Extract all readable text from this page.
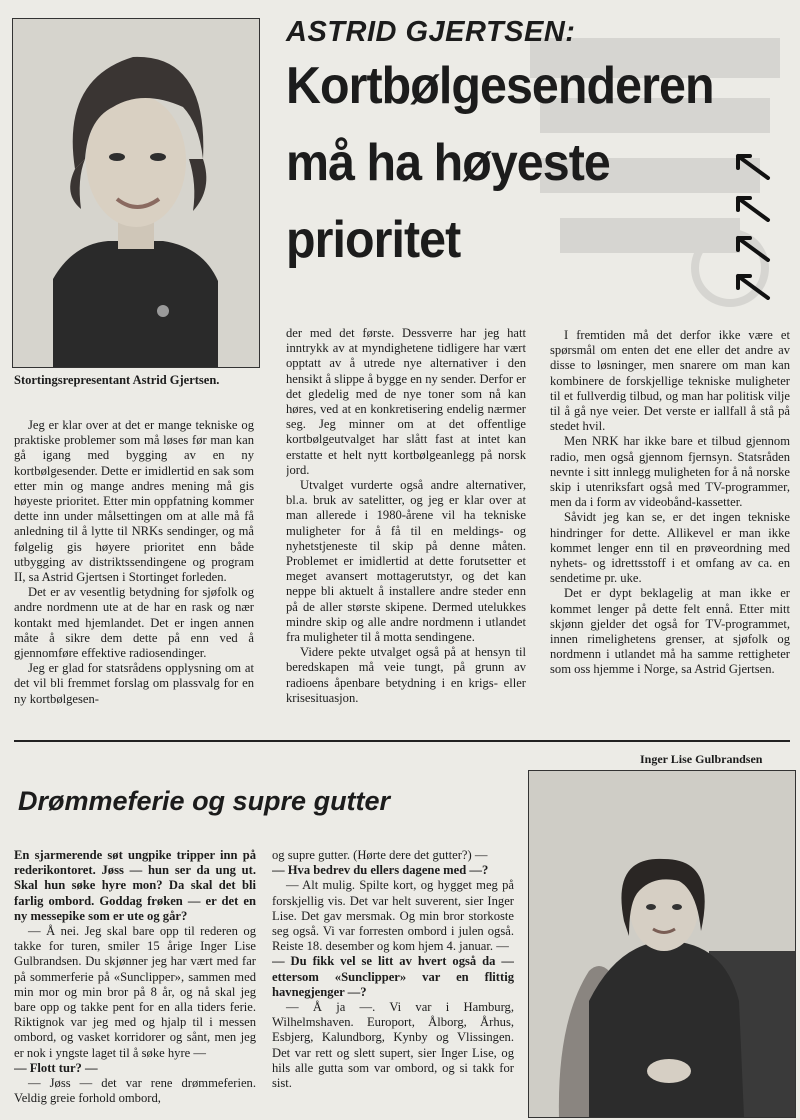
ASTRID GJERTSEN:
Kortbølgesenderen
må ha høyeste
prioritet
Stortingsrepresentant Astrid Gjertsen.

Jeg er klar over at det er mange tekniske og praktiske problemer som må løses før man kan gå igang med bygging av en ny kortbølgesender. Dette er imidlertid en sak som etter min og mange andres mening må gis høyeste prioritet. Etter min oppfatning kommer dette inn under målsettingen om at alle må få anledning til å lytte til NRKs sendinger, og må følgelig gis høyere prioritet enn både utbygging av distriktssendingene og program II, sa Astrid Gjertsen i Stortinget forleden.

Det er av vesentlig betydning for sjøfolk og andre nordmenn ute at de har en rask og nær kontakt med hjemlandet. Det er ingen annen måte å sikre dem dette på enn ved å gjennomføre effektive radiosendinger.

Jeg er glad for statsrådens opplysning om at det vil bli fremmet forslag om plassvalg for en ny kortbølgesen-

der med det første. Dessverre har jeg hatt inntrykk av at myndighetene tidligere har vært opptatt av å utrede nye alternativer i den hensikt å slippe å bygge en ny sender. Derfor er det gledelig med de nye toner som nå kan høres, ved at en konkretisering endelig nærmer seg. Jeg minner om at det offentlige kortbølgeutvalget har slått fast at intet kan erstatte et helt nytt kortbølgeanlegg på norsk jord.

Utvalget vurderte også andre alternativer, bl.a. bruk av satelitter, og jeg er klar over at man allerede i 1980-årene vil ha tekniske muligheter for å få til en meldings- og nyhetstjeneste til skip på denne måten. Problemet er imidlertid at dette forutsetter et meget avansert mottagerutstyr, og det kan neppe bli aktuelt å installere andre steder enn på de aller største skipene. Dermed utelukkes mindre skip og alle andre nordmenn i utlandet fra muligheter til å motta sendingene.

Videre pekte utvalget også på at hensyn til beredskapen må veie tungt, på grunn av radioens åpenbare betydning i en krigs- eller krisesituasjon.

I fremtiden må det derfor ikke være et spørsmål om enten det ene eller det andre av disse to løsninger, men snarere om man kan kombinere de forskjellige tekniske muligheter til et fullverdig tilbud, og man har politisk vilje til å gå nye veier. Det verste er iallfall å stå på stedet hvil.

Men NRK har ikke bare et tilbud gjennom radio, men også gjennom fjernsyn. Statsråden nevnte i sitt innlegg muligheten for å nå norske skip i utenriksfart også med TV-programmer, men da i form av videobånd-kassetter.

Såvidt jeg kan se, er det ingen tekniske hindringer for dette. Allikevel er man ikke kommet lenger enn til en prøveordning med nyhets- og idrettsstoff i et omfang av ca. en sendetime pr. uke.

Det er dypt beklagelig at man ikke er kommet lenger på dette felt ennå. Etter mitt skjønn gjelder det også for TV-programmet, innen rimelighetens grenser, at sjøfolk og nordmenn i utlandet må ha samme rettigheter som oss hjemme i Norge, sa Astrid Gjertsen.

Inger Lise Gulbrandsen
Drømmeferie og supre gutter

En sjarmerende søt ungpike tripper inn på rederikontoret. Jøss — hun ser da ung ut. Skal hun søke hyre mon? Da skal det bli farlig ombord. Goddag frøken — er det en ny messepike som er ute og går?

— Å nei. Jeg skal bare opp til rederen og takke for turen, smiler 15 årige Inger Lise Gulbrandsen. Du skjønner jeg har vært med far på sommerferie på «Sunclipper», sammen med min mor og min bror på 8 år, og nå skal jeg bare opp og takke pent for en alla tiders ferie. Riktignok var jeg med og hjalp til i messen ombord, og vasket korridorer og sånt, men jeg er nok i yngste laget til å søke hyre —

— Flott tur? —

— Jøss — det var rene drømmeferien. Veldig greie forhold ombord,

og supre gutter. (Hørte dere det gutter?) —

— Hva bedrev du ellers dagene med —?

— Alt mulig. Spilte kort, og hygget meg på forskjellig vis. Det var helt suverent, sier Inger Lise. Det gav mersmak. Og min bror storkoste seg også. Vi var forresten ombord i julen også. Reiste 18. desember og kom hjem 4. januar. —

— Du fikk vel se litt av hvert også da — ettersom «Sunclipper» var en flittig havnegjenger —?

— Å ja —. Vi var i Hamburg, Wilhelmshaven. Europort, Ålborg, Århus, Esbjerg, Kalundborg, Kynby og Vlissingen. Det var rett og slett supert, sier Inger Lise, og hils alle gutta som var ombord, og si takk for sist.
